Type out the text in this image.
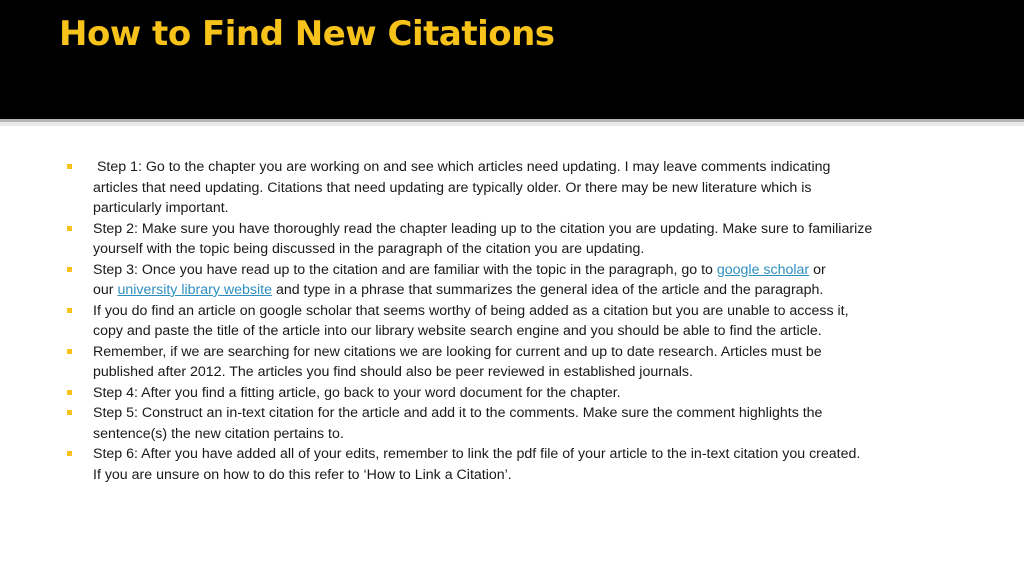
How to Find New Citations
Step 1: Go to the chapter you are working on and see which articles need updating. I may leave comments indicating
articles that need updating. Citations that need updating are typically older. Or there may be new literature which is
particularly important.
Step 2: Make sure you have thoroughly read the chapter leading up to the citation you are updating. Make sure to familiarize
yourself with the topic being discussed in the paragraph of the citation you are updating.
Step 3: Once you have read up to the citation and are familiar with the topic in the paragraph, go to google scholar or
our university library website and type in a phrase that summarizes the general idea of the article and the paragraph.
If you do find an article on google scholar that seems worthy of being added as a citation but you are unable to access it,
copy and paste the title of the article into our library website search engine and you should be able to find the article.
Remember, if we are searching for new citations we are looking for current and up to date research. Articles must be
published after 2012. The articles you find should also be peer reviewed in established journals.
Step 4: After you find a fitting article, go back to your word document for the chapter.
Step 5: Construct an in-text citation for the article and add it to the comments. Make sure the comment highlights the
sentence(s) the new citation pertains to.
Step 6: After you have added all of your edits, remember to link the pdf file of your article to the in-text citation you created.
If you are unsure on how to do this refer to ‘How to Link a Citation’.
